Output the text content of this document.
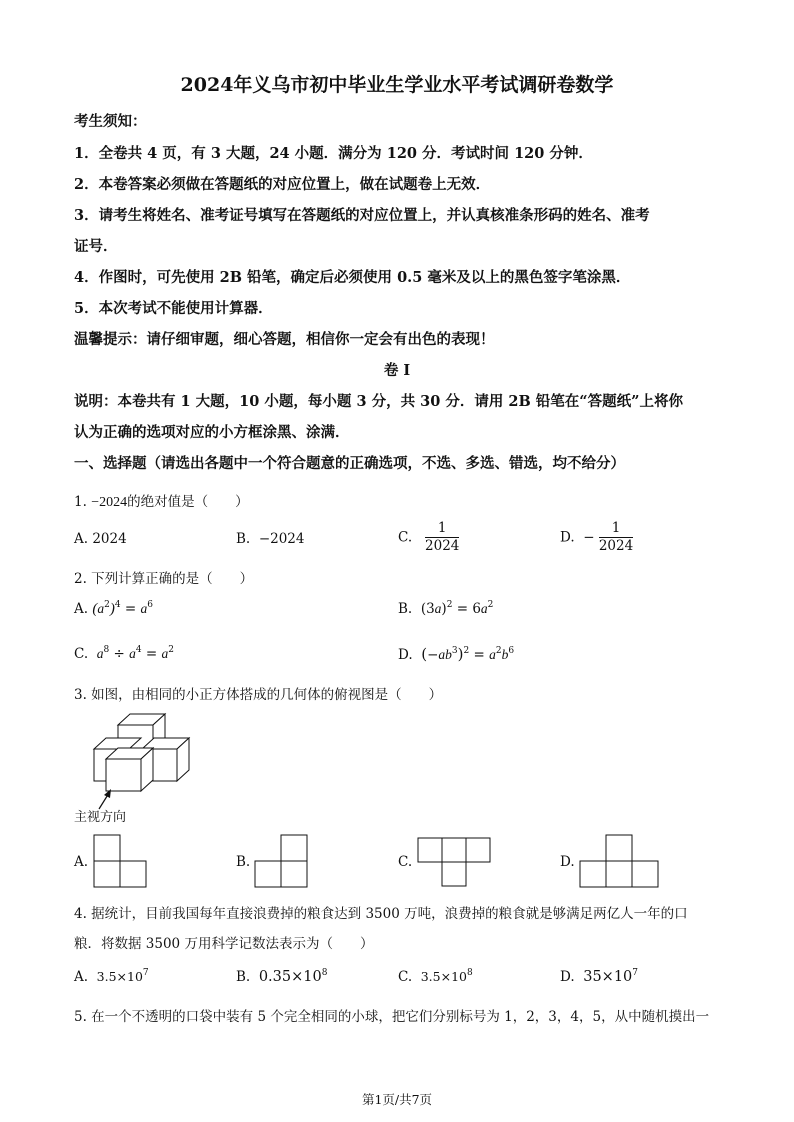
2024年义乌市初中毕业生学业水平考试调研卷数学
考生须知：
1．全卷共 4 页，有 3 大题，24 小题．满分为 120 分．考试时间 120 分钟．
2．本卷答案必须做在答题纸的对应位置上，做在试题卷上无效．
3．请考生将姓名、准考证号填写在答题纸的对应位置上，并认真核准条形码的姓名、准考
证号．
4．作图时，可先使用 2B 铅笔，确定后必须使用 0.5 毫米及以上的黑色签字笔涂黑．
5．本次考试不能使用计算器．
温馨提示：请仔细审题，细心答题，相信你一定会有出色的表现！
卷 I
说明：本卷共有 1 大题，10 小题，每小题 3 分，共 30 分．请用 2B 铅笔在“答题纸”上将你
认为正确的选项对应的小方框涂黑、涂满．
一、选择题（请选出各题中一个符合题意的正确选项，不选、多选、错选，均不给分）
1. −2024的绝对值是（　　）
A. 2024	B. −2024	C. $\frac{1}{2024}$	D. − $\frac{1}{2024}$
2. 下列计算正确的是（　　）
A. $(a^2)^4 = a^6$	B. $(3a)^2 = 6a^2$
C. $a^8 \div a^4 = a^2$	D. $(-ab^3)^2 = a^2b^6$
3. 如图，由相同的小正方体搭成的几何体的俯视图是（　　）
主视方向
A.	B.	C.	D.
4. 据统计，目前我国每年直接浪费掉的粮食达到 3500 万吨，浪费掉的粮食就是够满足两亿人一年的口
粮．将数据 3500 万用科学记数法表示为（　　）
A. $3.5\times 10^7$	B. $0.35\times 10^8$	C. $3.5\times 10^8$	D. $35\times 10^7$
5. 在一个不透明的口袋中装有 5 个完全相同的小球，把它们分别标号为 1，2，3，4，5，从中随机摸出一
第1页/共7页
